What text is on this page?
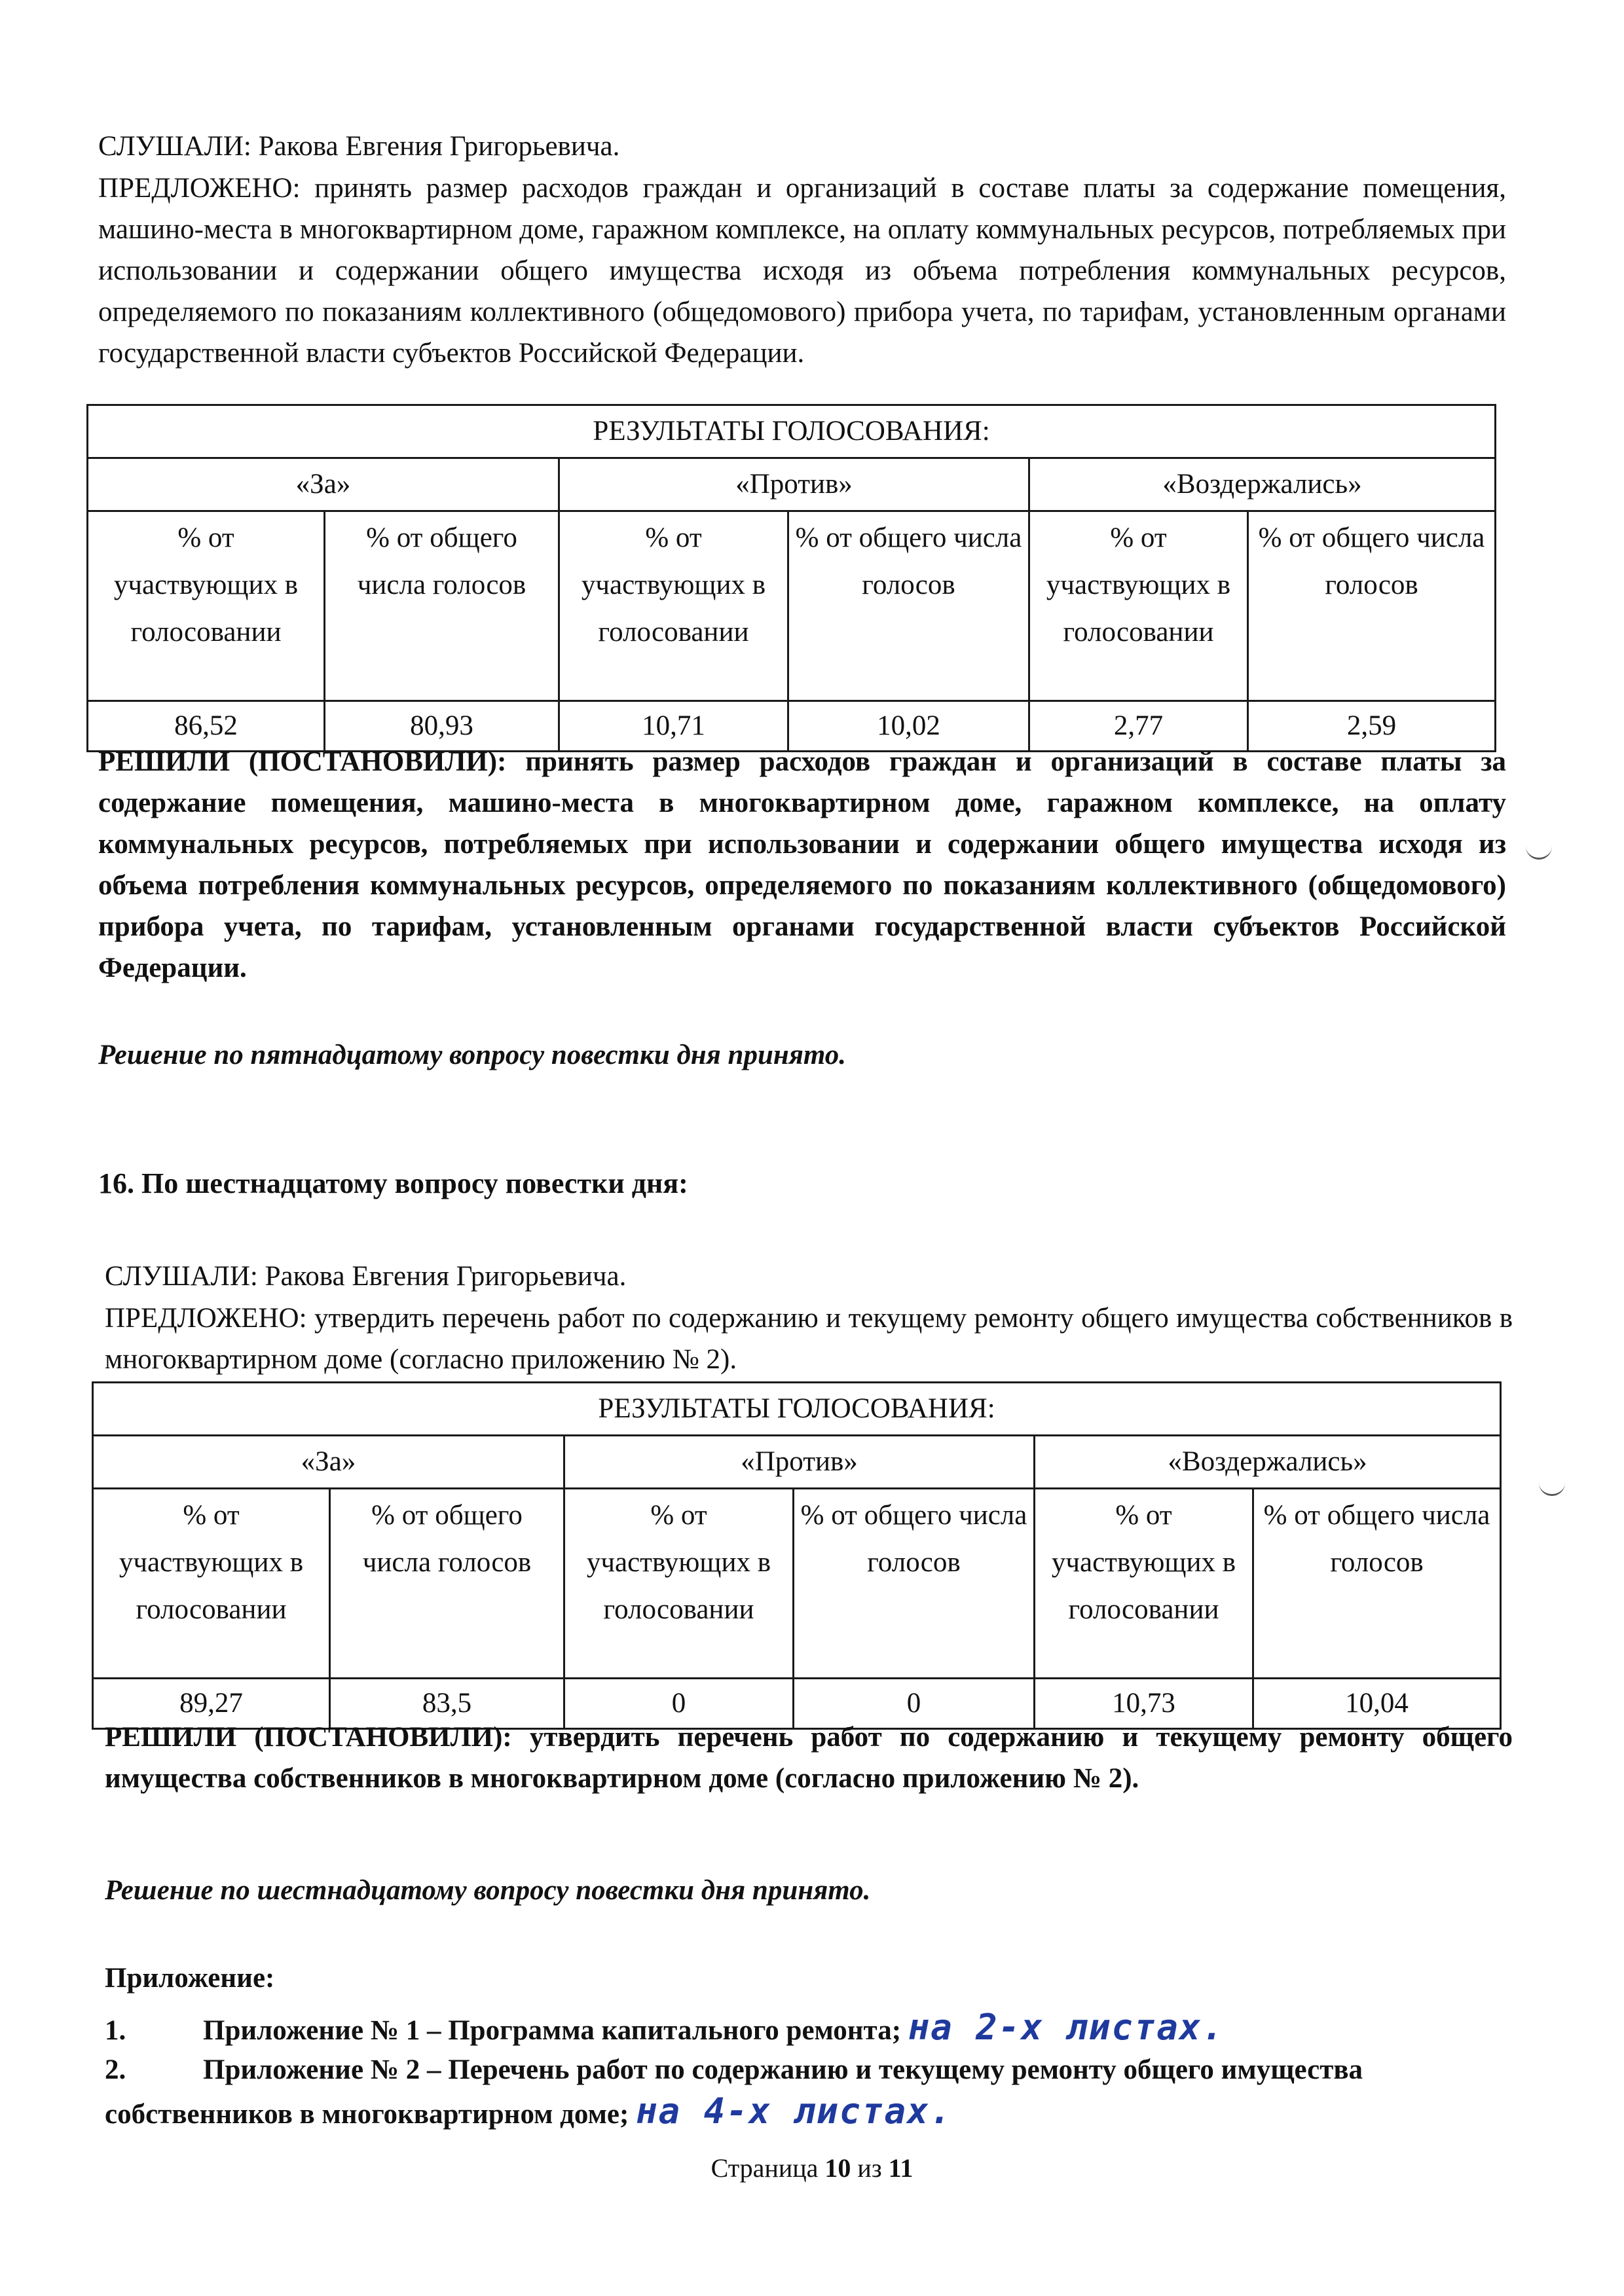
СЛУШАЛИ: Ракова Евгения Григорьевича.

ПРЕДЛОЖЕНО: принять размер расходов граждан и организаций в составе платы за содержание помещения, машино-места в многоквартирном доме, гаражном комплексе, на оплату коммунальных ресурсов, потребляемых при использовании и содержании общего имущества исходя из объема потребления коммунальных ресурсов, определяемого по показаниям коллективного (общедомового) прибора учета, по тарифам, установленным органами государственной власти субъектов Российской Федерации.

РЕЗУЛЬТАТЫ ГОЛОСОВАНИЯ:					
«За»		«Против»		«Воздержались»	
% от участвующих в голосовании	% от общего числа голосов	% от участвующих в голосовании	% от общего числа голосов	% от участвующих в голосовании	% от общего числа голосов
86,52	80,93	10,71	10,02	2,77	2,59

РЕШИЛИ (ПОСТАНОВИЛИ): принять размер расходов граждан и организаций в составе платы за содержание помещения, машино-места в многоквартирном доме, гаражном комплексе, на оплату коммунальных ресурсов, потребляемых при использовании и содержании общего имущества исходя из объема потребления коммунальных ресурсов, определяемого по показаниям коллективного (общедомового) прибора учета, по тарифам, установленным органами государственной власти субъектов Российской Федерации.

Решение по пятнадцатому вопросу повестки дня принято.

16. По шестнадцатому вопросу повестки дня:

СЛУШАЛИ: Ракова Евгения Григорьевича.

ПРЕДЛОЖЕНО: утвердить перечень работ по содержанию и текущему ремонту общего имущества собственников в многоквартирном доме (согласно приложению № 2).

РЕЗУЛЬТАТЫ ГОЛОСОВАНИЯ:					
«За»		«Против»		«Воздержались»	
% от участвующих в голосовании	% от общего числа голосов	% от участвующих в голосовании	% от общего числа голосов	% от участвующих в голосовании	% от общего числа голосов
89,27	83,5	0	0	10,73	10,04

РЕШИЛИ (ПОСТАНОВИЛИ): утвердить перечень работ по содержанию и текущему ремонту общего имущества собственников в многоквартирном доме (согласно приложению № 2).

Решение по шестнадцатому вопросу повестки дня принято.

Приложение:

1.	Приложение № 1 – Программа капитального ремонта; на 2-х листах.

2.	Приложение № 2 – Перечень работ по содержанию и текущему ремонту общего имущества собственников в многоквартирном доме; на 4-х листах.

Страница 10 из 11
